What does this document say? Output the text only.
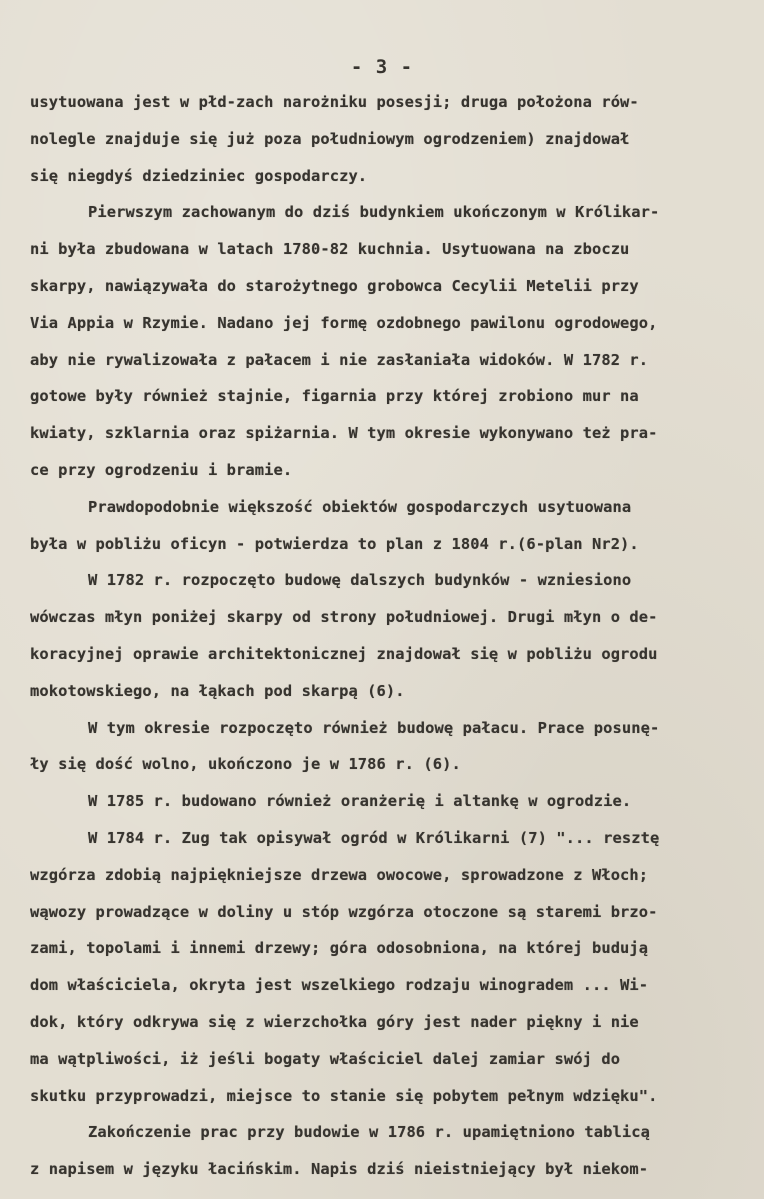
- 3 -
usytuowana jest w płd-zach narożniku posesji; druga położona rów-
nolegle znajduje się już poza południowym ogrodzeniem) znajdował
się niegdyś dziedziniec gospodarczy.
Pierwszym zachowanym do dziś budynkiem ukończonym w Królikar-
ni była zbudowana w latach 1780-82 kuchnia. Usytuowana na zboczu
skarpy, nawiązywała do starożytnego grobowca Cecylii Metelii przy
Via Appia w Rzymie. Nadano jej formę ozdobnego pawilonu ogrodowego,
aby nie rywalizowała z pałacem i nie zasłaniała widoków. W 1782 r.
gotowe były również stajnie, figarnia przy której zrobiono mur na
kwiaty, szklarnia oraz spiżarnia. W tym okresie wykonywano też pra-
ce przy ogrodzeniu i bramie.
Prawdopodobnie większość obiektów gospodarczych usytuowana
była w pobliżu oficyn - potwierdza to plan z 1804 r.(6-plan Nr2).
W 1782 r. rozpoczęto budowę dalszych budynków - wzniesiono
wówczas młyn poniżej skarpy od strony południowej. Drugi młyn o de-
koracyjnej oprawie architektonicznej znajdował się w pobliżu ogrodu
mokotowskiego, na łąkach pod skarpą (6).
W tym okresie rozpoczęto również budowę pałacu. Prace posunę-
ły się dość wolno, ukończono je w 1786 r. (6).
W 1785 r. budowano również oranżerię i altankę w ogrodzie.
W 1784 r. Zug tak opisywał ogród w Królikarni (7) "... resztę
wzgórza zdobią najpiękniejsze drzewa owocowe, sprowadzone z Włoch;
wąwozy prowadzące w doliny u stóp wzgórza otoczone są staremi brzo-
zami, topolami i innemi drzewy; góra odosobniona, na której budują
dom właściciela, okryta jest wszelkiego rodzaju winogradem ... Wi-
dok, który odkrywa się z wierzchołka góry jest nader piękny i nie
ma wątpliwości, iż jeśli bogaty właściciel dalej zamiar swój do
skutku przyprowadzi, miejsce to stanie się pobytem pełnym wdzięku".
Zakończenie prac przy budowie w 1786 r. upamiętniono tablicą
z napisem w języku łacińskim. Napis dziś nieistniejący był niekom-
